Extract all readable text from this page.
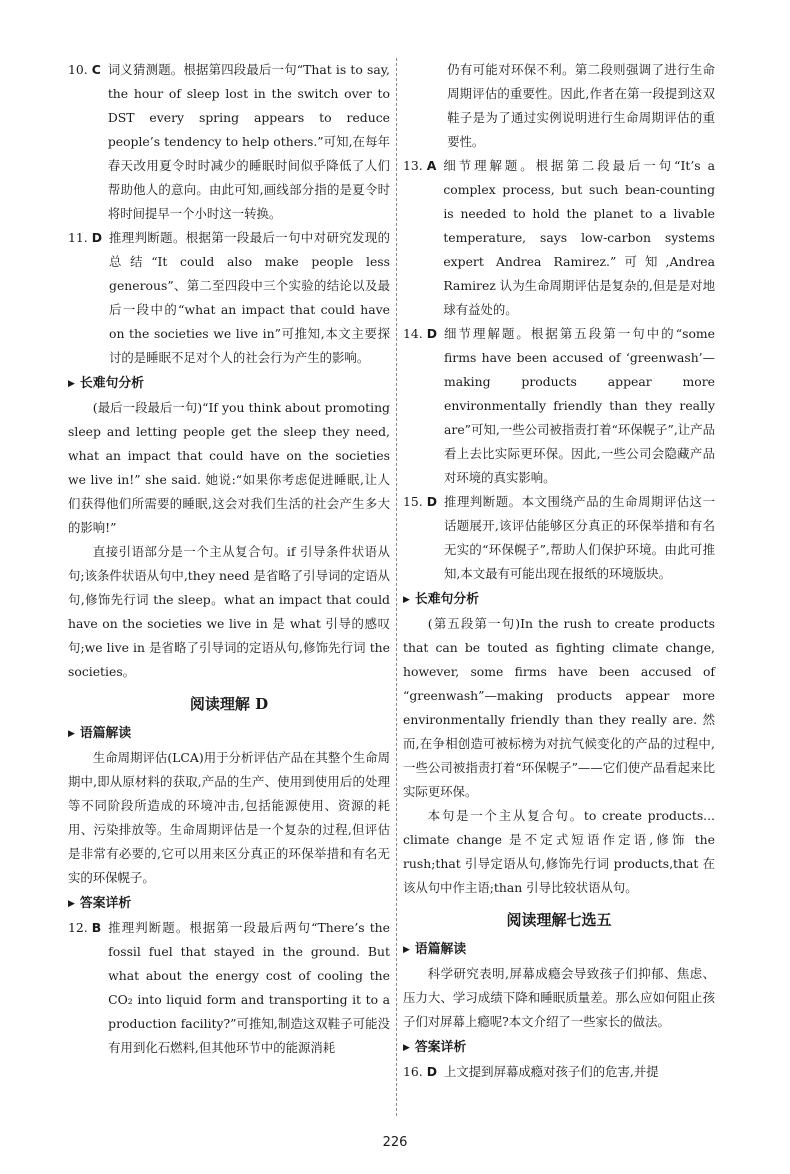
10. C 词义猜测题。根据第四段最后一句“That is to say, the hour of sleep lost in the switch over to DST every spring appears to reduce people’s tendency to help others.”可知,在每年春天改用夏令时时减少的睡眠时间似乎降低了人们帮助他人的意向。由此可知,画线部分指的是夏令时将时间提早一个小时这一转换。
11. D 推理判断题。根据第一段最后一句中对研究发现的总结“It could also make people less generous”、第二至四段中三个实验的结论以及最后一段中的“what an impact that could have on the societies we live in”可推知,本文主要探讨的是睡眠不足对个人的社会行为产生的影响。
▶ 长难句分析

(最后一段最后一句)“If you think about promoting sleep and letting people get the sleep they need, what an impact that could have on the societies we live in!” she said. 她说:“如果你考虑促进睡眠,让人们获得他们所需要的睡眠,这会对我们生活的社会产生多大的影响!”

直接引语部分是一个主从复合句。if 引导条件状语从句;该条件状语从句中,they need 是省略了引导词的定语从句,修饰先行词 the sleep。what an impact that could have on the societies we live in 是 what 引导的感叹句;we live in 是省略了引导词的定语从句,修饰先行词 the societies。

阅读理解 D
▶ 语篇解读

生命周期评估(LCA)用于分析评估产品在其整个生命周期中,即从原材料的获取,产品的生产、使用到使用后的处理等不同阶段所造成的环境冲击,包括能源使用、资源的耗用、污染排放等。生命周期评估是一个复杂的过程,但评估是非常有必要的,它可以用来区分真正的环保举措和有名无实的环保幌子。

▶ 答案详析
12. B 推理判断题。根据第一段最后两句“There’s the fossil fuel that stayed in the ground. But what about the energy cost of cooling the CO₂ into liquid form and transporting it to a production facility?”可推知,制造这双鞋子可能没有用到化石燃料,但其他环节中的能源消耗
仍有可能对环保不利。第二段则强调了进行生命周期评估的重要性。因此,作者在第一段提到这双鞋子是为了通过实例说明进行生命周期评估的重要性。
13. A 细节理解题。根据第二段最后一句“It’s a complex process, but such bean-counting is needed to hold the planet to a livable temperature, says low-carbon systems expert Andrea Ramirez.”可知,Andrea Ramirez 认为生命周期评估是复杂的,但是是对地球有益处的。
14. D 细节理解题。根据第五段第一句中的“some firms have been accused of ‘greenwash’—making products appear more environmentally friendly than they really are”可知,一些公司被指责打着“环保幌子”,让产品看上去比实际更环保。因此,一些公司会隐藏产品对环境的真实影响。
15. D 推理判断题。本文围绕产品的生命周期评估这一话题展开,该评估能够区分真正的环保举措和有名无实的“环保幌子”,帮助人们保护环境。由此可推知,本文最有可能出现在报纸的环境版块。
▶ 长难句分析

(第五段第一句)In the rush to create products that can be touted as fighting climate change, however, some firms have been accused of “greenwash”—making products appear more environmentally friendly than they really are. 然而,在争相创造可被标榜为对抗气候变化的产品的过程中,一些公司被指责打着“环保幌子”——它们使产品看起来比实际更环保。

本句是一个主从复合句。to create products... climate change 是不定式短语作定语,修饰 the rush;that 引导定语从句,修饰先行词 products,that 在该从句中作主语;than 引导比较状语从句。

阅读理解七选五
▶ 语篇解读

科学研究表明,屏幕成瘾会导致孩子们抑郁、焦虑、压力大、学习成绩下降和睡眠质量差。那么应如何阻止孩子们对屏幕上瘾呢?本文介绍了一些家长的做法。

▶ 答案详析
16. D 上文提到屏幕成瘾对孩子们的危害,并提
226
